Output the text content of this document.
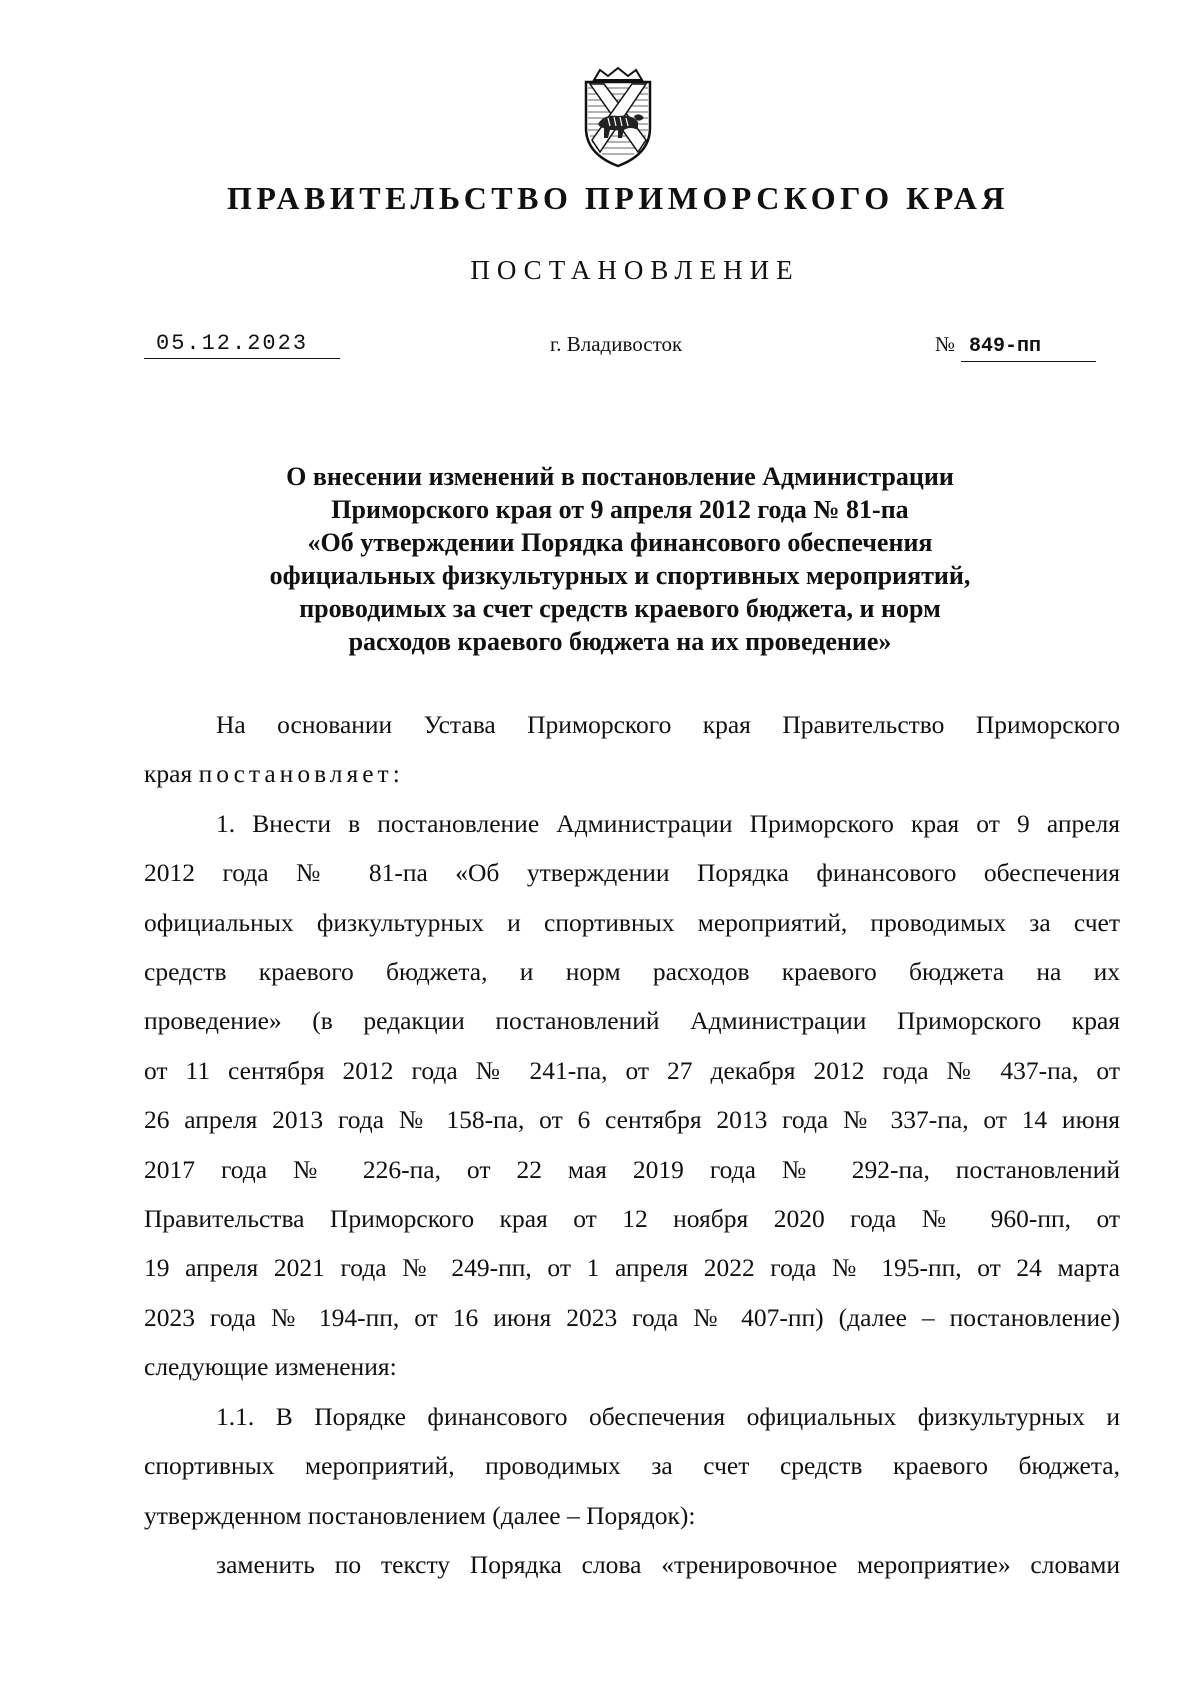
ПРАВИТЕЛЬСТВО ПРИМОРСКОГО КРАЯ
ПОСТАНОВЛЕНИЕ
05.12.2023	г. Владивосток	№ 849-пп
О внесении изменений в постановление Администрации
Приморского края от 9 апреля 2012 года № 81-па
«Об утверждении Порядка финансового обеспечения
официальных физкультурных и спортивных мероприятий,
проводимых за счет средств краевого бюджета, и норм
расходов краевого бюджета на их проведение»
На основании Устава Приморского края Правительство Приморского
края постановляет:
1. Внести в постановление Администрации Приморского края от 9 апреля
2012 года № 81-па «Об утверждении Порядка финансового обеспечения
официальных физкультурных и спортивных мероприятий, проводимых за счет
средств краевого бюджета, и норм расходов краевого бюджета на их
проведение» (в редакции постановлений Администрации Приморского края
от 11 сентября 2012 года № 241-па, от 27 декабря 2012 года № 437-па, от
26 апреля 2013 года № 158-па, от 6 сентября 2013 года № 337-па, от 14 июня
2017 года № 226-па, от 22 мая 2019 года № 292-па, постановлений
Правительства Приморского края от 12 ноября 2020 года № 960-пп, от
19 апреля 2021 года № 249-пп, от 1 апреля 2022 года № 195-пп, от 24 марта
2023 года № 194-пп, от 16 июня 2023 года № 407-пп) (далее – постановление)
следующие изменения:
1.1. В Порядке финансового обеспечения официальных физкультурных и
спортивных мероприятий, проводимых за счет средств краевого бюджета,
утвержденном постановлением (далее – Порядок):
заменить по тексту Порядка слова «тренировочное мероприятие» словами
